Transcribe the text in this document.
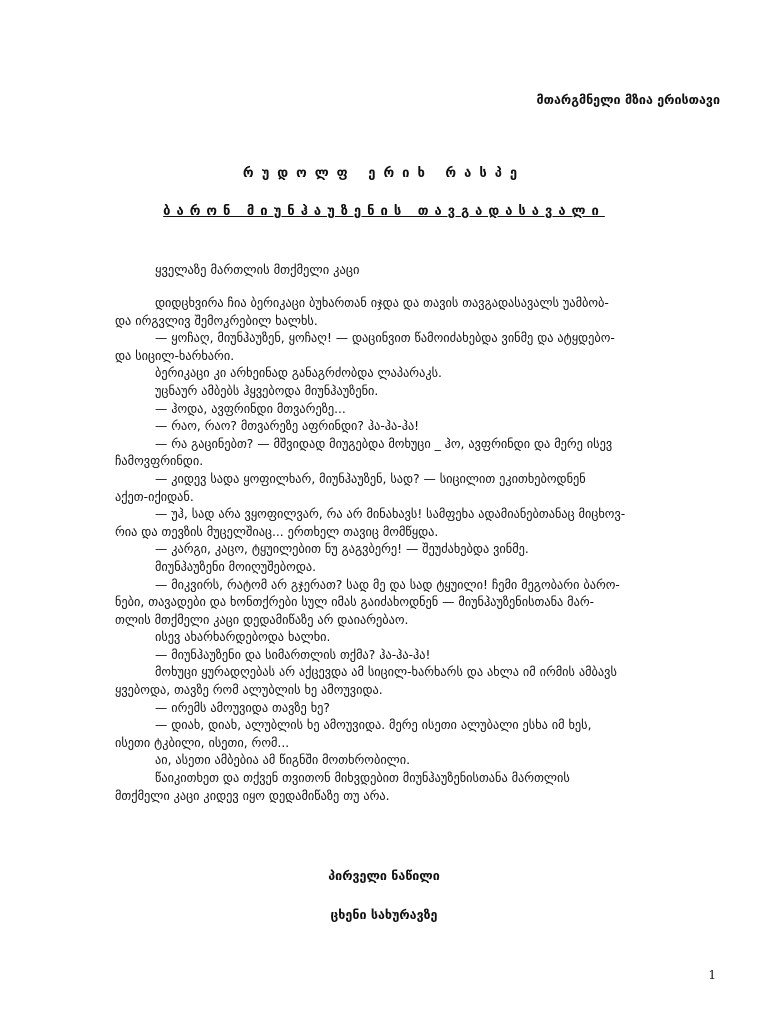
მთარგმნელი მზია ერისთავი

რუდოლფ ერიხ რასპე

ბარონ მიუნჰაუზენის თავგადასავალი

ყველაზე მართლის მთქმელი კაცი

დიდცხვირა ჩია ბერიკაცი ბუხართან იჯდა და თავის თავგადასავალს უამბობ-

და ირგვლივ შემოკრებილ ხალხს.

— ყოჩაღ, მიუნჰაუზენ, ყოჩაღ! — დაცინვით წამოიძახებდა ვინმე და ატყდებო-

და სიცილ-ხარხარი.

ბერიკაცი კი არხეინად განაგრძობდა ლაპარაკს.

უცნაურ ამბებს ჰყვებოდა მიუნჰაუზენი.

— ჰოდა, ავფრინდი მთვარეზე...

— რაო, რაო? მთვარეზე აფრინდი? ჰა-ჰა-ჰა!

— რა გაცინებთ? — მშვიდად მიუგებდა მოხუცი _ ჰო, ავფრინდი და მერე ისევ

ჩამოვფრინდი.

— კიდევ სადა ყოფილხარ, მიუნჰაუზენ, სად? — სიცილით ეკითხებოდნენ

აქეთ-იქიდან.

— უჰ, სად არა ვყოფილვარ, რა არ მინახავს! სამფეხა ადამიანებთანაც მიცხოვ-

რია და თევზის მუცელშიაც... ერთხელ თავიც მომწყდა.

— კარგი, კაცო, ტყუილებით ნუ გაგვბერე! — შეუძახებდა ვინმე.

მიუნჰაუზენი მოიღუშებოდა.

— მიკვირს, რატომ არ გჯერათ? სად მე და სად ტყუილი! ჩემი მეგობარი ბარო-

ნები, თავადები და ხონთქრები სულ იმას გაიძახოდნენ — მიუნჰაუზენისთანა მარ-

თლის მთქმელი კაცი დედამიწაზე არ დაიარებაო.

ისევ ახარხარდებოდა ხალხი.

— მიუნჰაუზენი და სიმართლის თქმა? ჰა-ჰა-ჰა!

მოხუცი ყურადღებას არ აქცევდა ამ სიცილ-ხარხარს და ახლა იმ ირმის ამბავს

ყვებოდა, თავზე რომ ალუბლის ხე ამოუვიდა.

— ირემს ამოუვიდა თავზე ხე?

— დიახ, დიახ, ალუბლის ხე ამოუვიდა. მერე ისეთი ალუბალი ესხა იმ ხეს,

ისეთი ტკბილი, ისეთი, რომ...

აი, ასეთი ამბებია ამ წიგნში მოთხრობილი.

წაიკითხეთ და თქვენ თვითონ მიხვდებით მიუნჰაუზენისთანა მართლის

მთქმელი კაცი კიდევ იყო დედამიწაზე თუ არა.

პირველი ნაწილი

ცხენი სახურავზე

1
